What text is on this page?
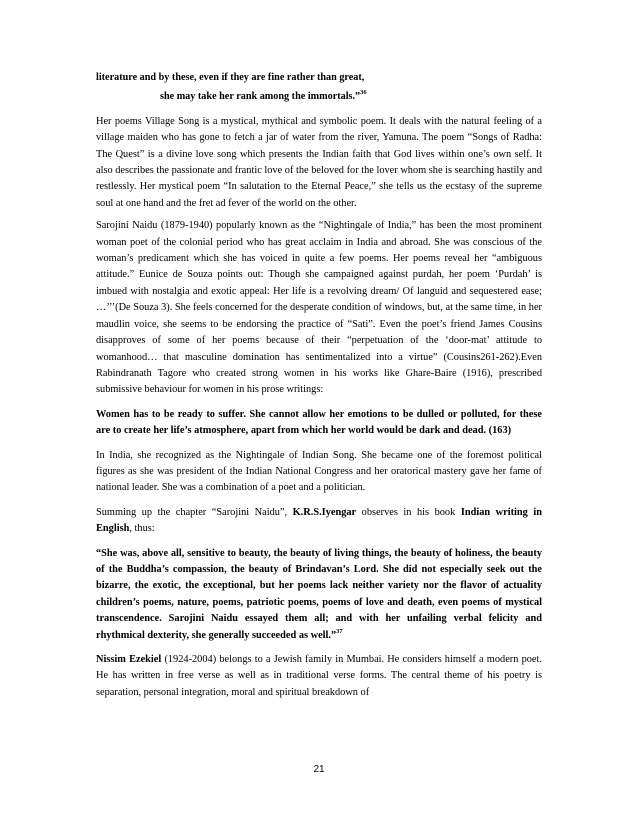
literature and by these, even if they are fine rather than great,

she may take her rank among the immortals.”$^{36}$

Her poems Village Song is a mystical, mythical and symbolic poem. It deals with the natural feeling of a village maiden who has gone to fetch a jar of water from the river, Yamuna. The poem “Songs of Radha: The Quest” is a divine love song which presents the Indian faith that God lives within one’s own self. It also describes the passionate and frantic love of the beloved for the lover whom she is searching hastily and restlessly. Her mystical poem “In salutation to the Eternal Peace,” she tells us the ecstasy of the supreme soul at one hand and the fret ad fever of the world on the other.

Sarojini Naidu (1879-1940) popularly known as the “Nightingale of India,” has been the most prominent woman poet of the colonial period who has great acclaim in India and abroad. She was conscious of the woman’s predicament which she has voiced in quite a few poems. Her poems reveal her “ambiguous attitude.” Eunice de Souza points out: Though she campaigned against purdah, her poem ‘Purdah’ is imbued with nostalgia and exotic appeal: Her life is a revolving dream/ Of languid and sequestered ease; …’’’(De Souza 3). She feels concerned for the desperate condition of windows, but, at the same time, in her maudlin voice, she seems to be endorsing the practice of “Sati”. Even the poet’s friend James Cousins disapproves of some of her poems because of their “perpetuation of the ‘door-mat’ attitude to womanhood… that masculine domination has sentimentalized into a virtue” (Cousins261-262).Even Rabindranath Tagore who created strong women in his works like Ghare-Baire (1916), prescribed submissive behaviour for women in his prose writings:

Women has to be ready to suffer. She cannot allow her emotions to be dulled or polluted, for these are to create her life’s atmosphere, apart from which her world would be dark and dead. (163)

In India, she recognized as the Nightingale of Indian Song. She became one of the foremost political figures as she was president of the Indian National Congress and her oratorical mastery gave her fame of national leader. She was a combination of a poet and a politician.

Summing up the chapter “Sarojini Naidu”, K.R.S.Iyengar observes in his book Indian writing in English, thus:

“She was, above all, sensitive to beauty, the beauty of living things, the beauty of holiness, the beauty of the Buddha’s compassion, the beauty of Brindavan’s Lord. She did not especially seek out the bizarre, the exotic, the exceptional, but her poems lack neither variety nor the flavor of actuality children’s poems, nature, poems, patriotic poems, poems of love and death, even poems of mystical transcendence. Sarojini Naidu essayed them all; and with her unfailing verbal felicity and rhythmical dexterity, she generally succeeded as well.”$^{37}$

Nissim Ezekiel (1924-2004) belongs to a Jewish family in Mumbai. He considers himself a modern poet. He has written in free verse as well as in traditional verse forms. The central theme of his poetry is separation, personal integration, moral and spiritual breakdown of

21
